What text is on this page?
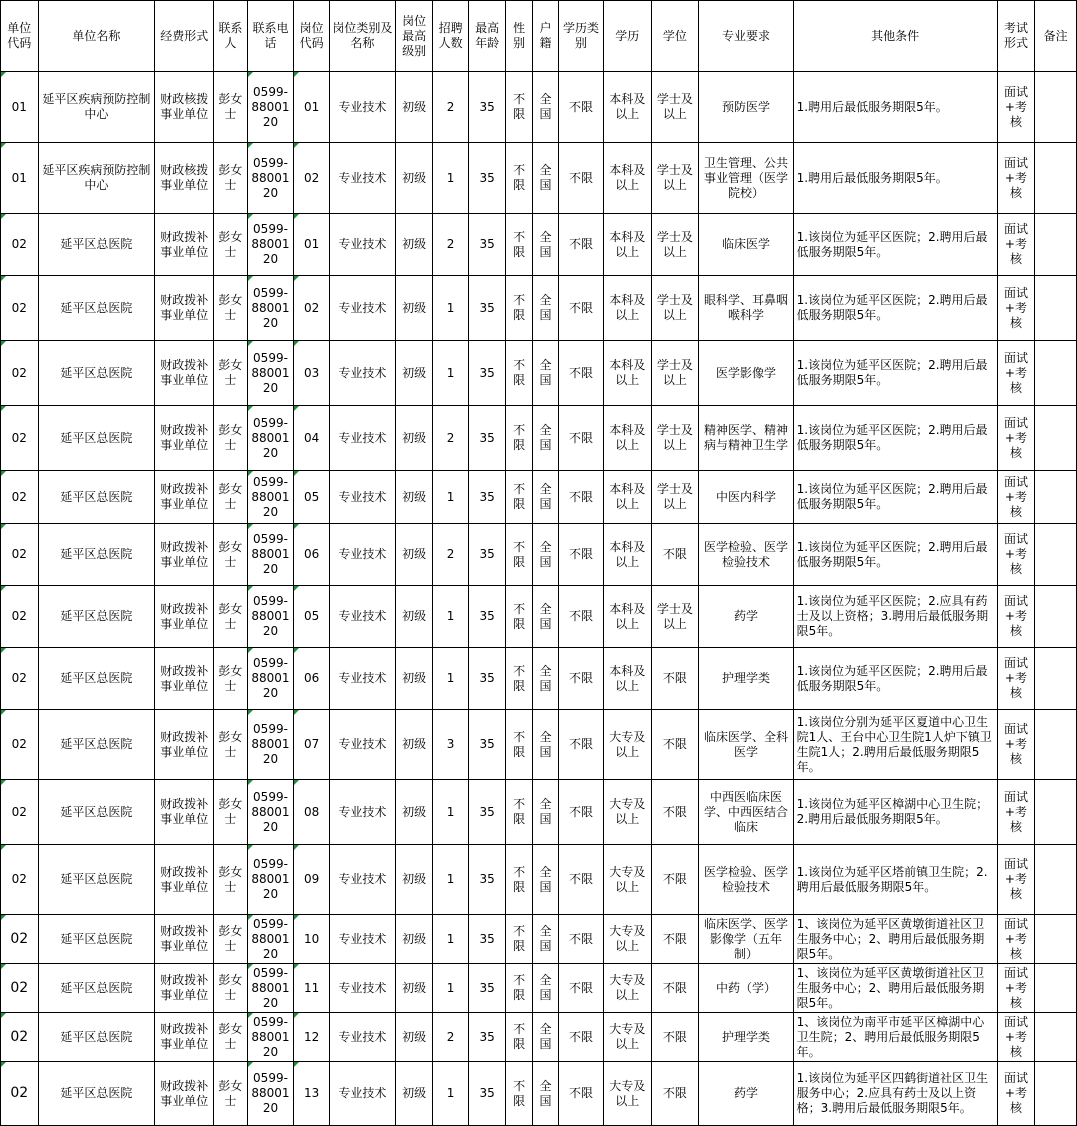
单位代码	单位名称	经费形式	联系人	联系电话	岗位代码	岗位类别及名称	岗位最高级别	招聘人数	最高年龄	性别	户籍	学历类别	学历	学位	专业要求	其他条件	考试形式	备注
01	延平区疾病预防控制中心	财政核拨事业单位	彭女士	0599-8800120	01	专业技术	初级	2	35	不限	全国	不限	本科及以上	学士及以上	预防医学	1.聘用后最低服务期限5年。	面试+考核	
01	延平区疾病预防控制中心	财政核拨事业单位	彭女士	0599-8800120	02	专业技术	初级	1	35	不限	全国	不限	本科及以上	学士及以上	卫生管理、公共事业管理（医学院校）	1.聘用后最低服务期限5年。	面试+考核	
02	延平区总医院	财政拨补事业单位	彭女士	0599-8800120	01	专业技术	初级	2	35	不限	全国	不限	本科及以上	学士及以上	临床医学	1.该岗位为延平区医院；2.聘用后最低服务期限5年。	面试+考核	
02	延平区总医院	财政拨补事业单位	彭女士	0599-8800120	02	专业技术	初级	1	35	不限	全国	不限	本科及以上	学士及以上	眼科学、耳鼻咽喉科学	1.该岗位为延平区医院；2.聘用后最低服务期限5年。	面试+考核	
02	延平区总医院	财政拨补事业单位	彭女士	0599-8800120	03	专业技术	初级	1	35	不限	全国	不限	本科及以上	学士及以上	医学影像学	1.该岗位为延平区医院；2.聘用后最低服务期限5年。	面试+考核	
02	延平区总医院	财政拨补事业单位	彭女士	0599-8800120	04	专业技术	初级	2	35	不限	全国	不限	本科及以上	学士及以上	精神医学、精神病与精神卫生学	1.该岗位为延平区医院；2.聘用后最低服务期限5年。	面试+考核	
02	延平区总医院	财政拨补事业单位	彭女士	0599-8800120	05	专业技术	初级	1	35	不限	全国	不限	本科及以上	学士及以上	中医内科学	1.该岗位为延平区医院；2.聘用后最低服务期限5年。	面试+考核	
02	延平区总医院	财政拨补事业单位	彭女士	0599-8800120	06	专业技术	初级	2	35	不限	全国	不限	本科及以上	不限	医学检验、医学检验技术	1.该岗位为延平区医院；2.聘用后最低服务期限5年。	面试+考核	
02	延平区总医院	财政拨补事业单位	彭女士	0599-8800120	05	专业技术	初级	1	35	不限	全国	不限	本科及以上	学士及以上	药学	1.该岗位为延平区医院；2.应具有药士及以上资格；3.聘用后最低服务期限5年。	面试+考核	
02	延平区总医院	财政拨补事业单位	彭女士	0599-8800120	06	专业技术	初级	1	35	不限	全国	不限	本科及以上	不限	护理学类	1.该岗位为延平区医院；2.聘用后最低服务期限5年。	面试+考核	
02	延平区总医院	财政拨补事业单位	彭女士	0599-8800120	07	专业技术	初级	3	35	不限	全国	不限	大专及以上	不限	临床医学、全科医学	1.该岗位分别为延平区夏道中心卫生院1人、王台中心卫生院1人炉下镇卫生院1人；2.聘用后最低服务期限5年。	面试+考核	
02	延平区总医院	财政拨补事业单位	彭女士	0599-8800120	08	专业技术	初级	1	35	不限	全国	不限	大专及以上	不限	中西医临床医学、中西医结合临床	1.该岗位为延平区樟湖中心卫生院；2.聘用后最低服务期限5年。	面试+考核	
02	延平区总医院	财政拨补事业单位	彭女士	0599-8800120	09	专业技术	初级	1	35	不限	全国	不限	大专及以上	不限	医学检验、医学检验技术	1.该岗位为延平区塔前镇卫生院；2.聘用后最低服务期限5年。	面试+考核	
02	延平区总医院	财政拨补事业单位	彭女士	0599-8800120	10	专业技术	初级	1	35	不限	全国	不限	大专及以上	不限	临床医学、医学影像学（五年制）	1、该岗位为延平区黄墩街道社区卫生服务中心；2、聘用后最低服务期限5年。	面试+考核	
02	延平区总医院	财政拨补事业单位	彭女士	0599-8800120	11	专业技术	初级	1	35	不限	全国	不限	大专及以上	不限	中药（学）	1、该岗位为延平区黄墩街道社区卫生服务中心；2、聘用后最低服务期限5年。	面试+考核	
02	延平区总医院	财政拨补事业单位	彭女士	0599-8800120	12	专业技术	初级	2	35	不限	全国	不限	大专及以上	不限	护理学类	1、该岗位为南平市延平区樟湖中心卫生院；2、聘用后最低服务期限5年。	面试+考核	
02	延平区总医院	财政拨补事业单位	彭女士	0599-8800120	13	专业技术	初级	1	35	不限	全国	不限	大专及以上	不限	药学	1.该岗位为延平区四鹤街道社区卫生服务中心；2.应具有药士及以上资格；3.聘用后最低服务期限5年。	面试+考核	
